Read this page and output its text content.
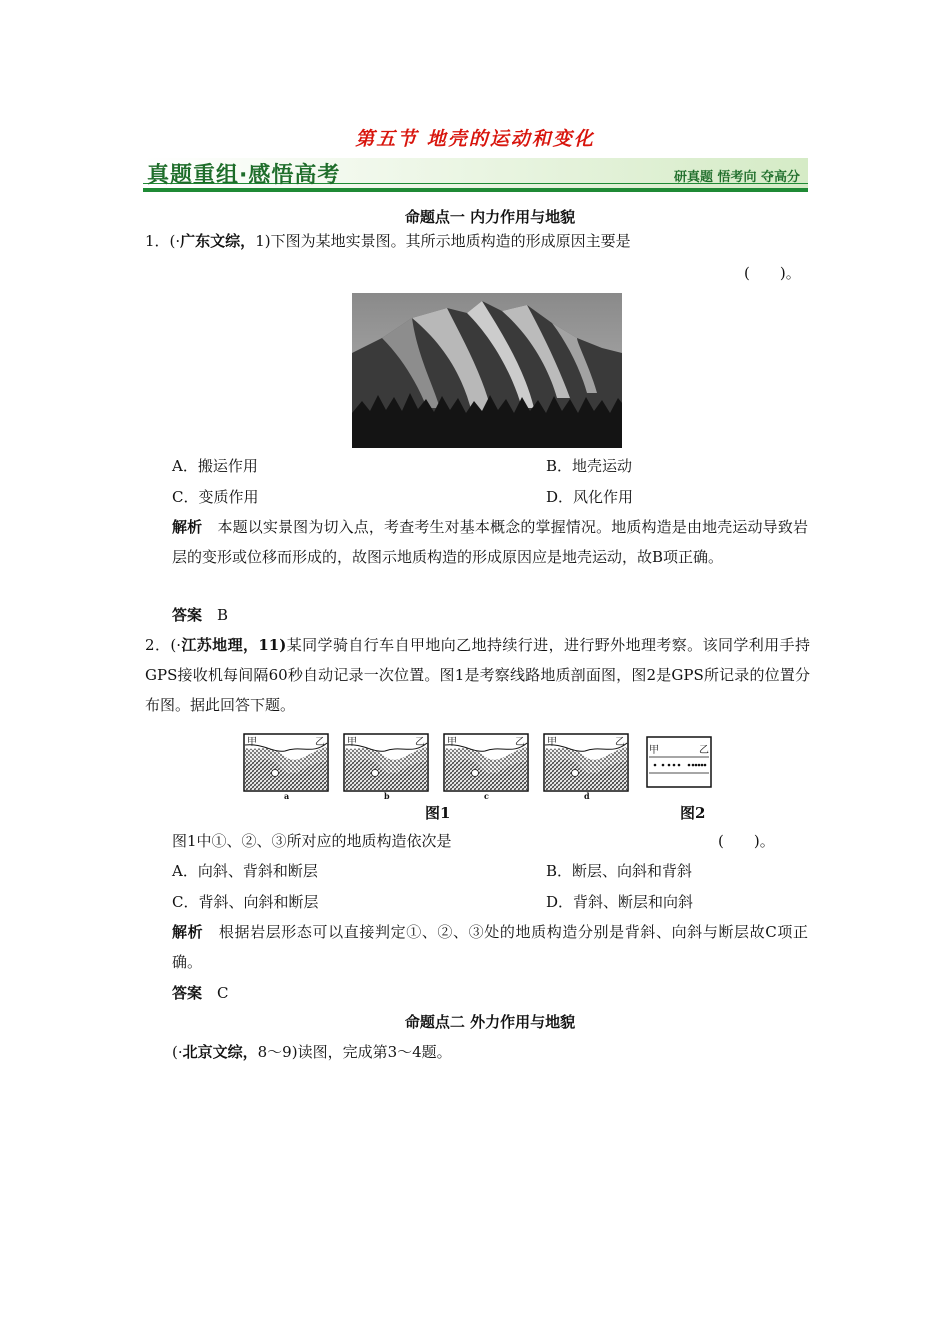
第五节 地壳的运动和变化
真题重组·感悟高考	研真题 悟考向 夺高分
命题点一 内力作用与地貌
1．(·广东文综，1)下图为某地实景图。其所示地质构造的形成原因主要是
(　　)。
A．搬运作用	B．地壳运动
C．变质作用	D．风化作用
解析　 本题以实景图为切入点，考查考生对基本概念的掌握情况。地质构造是由地壳运动导致岩层的变形或位移而形成的，故图示地质构造的形成原因应是地壳运动，故B项正确。
答案　 B
2．(·江苏地理，11)某同学骑自行车自甲地向乙地持续行进，进行野外地理考察。该同学利用手持GPS接收机每间隔60秒自动记录一次位置。图1是考察线路地质剖面图，图2是GPS所记录的位置分布图。据此回答下题。
甲	乙 甲	乙 甲	乙 甲	乙
甲	乙
a	b	c	d
图1	图2
图1中①、②、③所对应的地质构造依次是	(　　)。
A．向斜、背斜和断层	B．断层、向斜和背斜
C．背斜、向斜和断层	D．背斜、断层和向斜
解析　 根据岩层形态可以直接判定①、②、③处的地质构造分别是背斜、向斜与断层故C项正确。
答案　 C
命题点二 外力作用与地貌
(·北京文综，8～9)读图，完成第3～4题。
